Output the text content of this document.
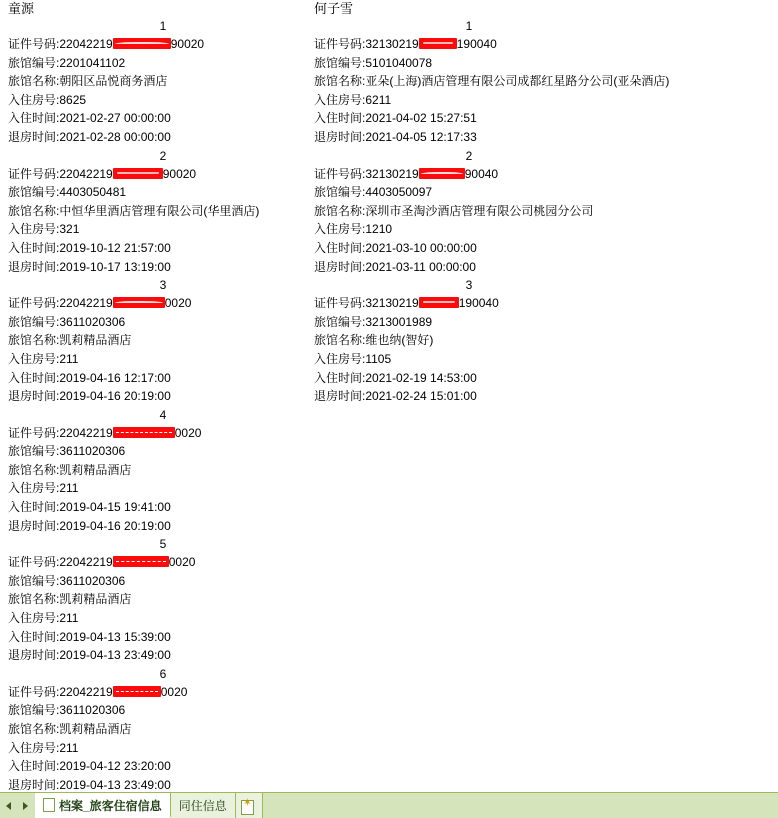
童源
1
证件号码:22042219	90020
旅馆编号:2201041102
旅馆名称:朝阳区品悦商务酒店
入住房号:8625
入住时间:2021-02-27 00:00:00
退房时间:2021-02-28 00:00:00
2
证件号码:22042219	90020
旅馆编号:4403050481
旅馆名称:中恒华里酒店管理有限公司(华里酒店)
入住房号:321
入住时间:2019-10-12 21:57:00
退房时间:2019-10-17 13:19:00
3
证件号码:22042219	0020
旅馆编号:3611020306
旅馆名称:凯莉精品酒店
入住房号:211
入住时间:2019-04-16 12:17:00
退房时间:2019-04-16 20:19:00
4
证件号码:22042219	0020
旅馆编号:3611020306
旅馆名称:凯莉精品酒店
入住房号:211
入住时间:2019-04-15 19:41:00
退房时间:2019-04-16 20:19:00
5
证件号码:22042219	0020
旅馆编号:3611020306
旅馆名称:凯莉精品酒店
入住房号:211
入住时间:2019-04-13 15:39:00
退房时间:2019-04-13 23:49:00
6
证件号码:22042219	0020
旅馆编号:3611020306
旅馆名称:凯莉精品酒店
入住房号:211
入住时间:2019-04-12 23:20:00
退房时间:2019-04-13 23:49:00
何子雪
1
证件号码:32130219	190040
旅馆编号:5101040078
旅馆名称:亚朵(上海)酒店管理有限公司成都红星路分公司(亚朵酒店)
入住房号:6211
入住时间:2021-04-02 15:27:51
退房时间:2021-04-05 12:17:33
2
证件号码:32130219	90040
旅馆编号:4403050097
旅馆名称:深圳市圣淘沙酒店管理有限公司桃园分公司
入住房号:1210
入住时间:2021-03-10 00:00:00
退房时间:2021-03-11 00:00:00
3
证件号码:32130219	190040
旅馆编号:3213001989
旅馆名称:维也纳(智好)
入住房号:1105
入住时间:2021-02-19 14:53:00
退房时间:2021-02-24 15:01:00
档案_旅客住宿信息	同住信息	✶
